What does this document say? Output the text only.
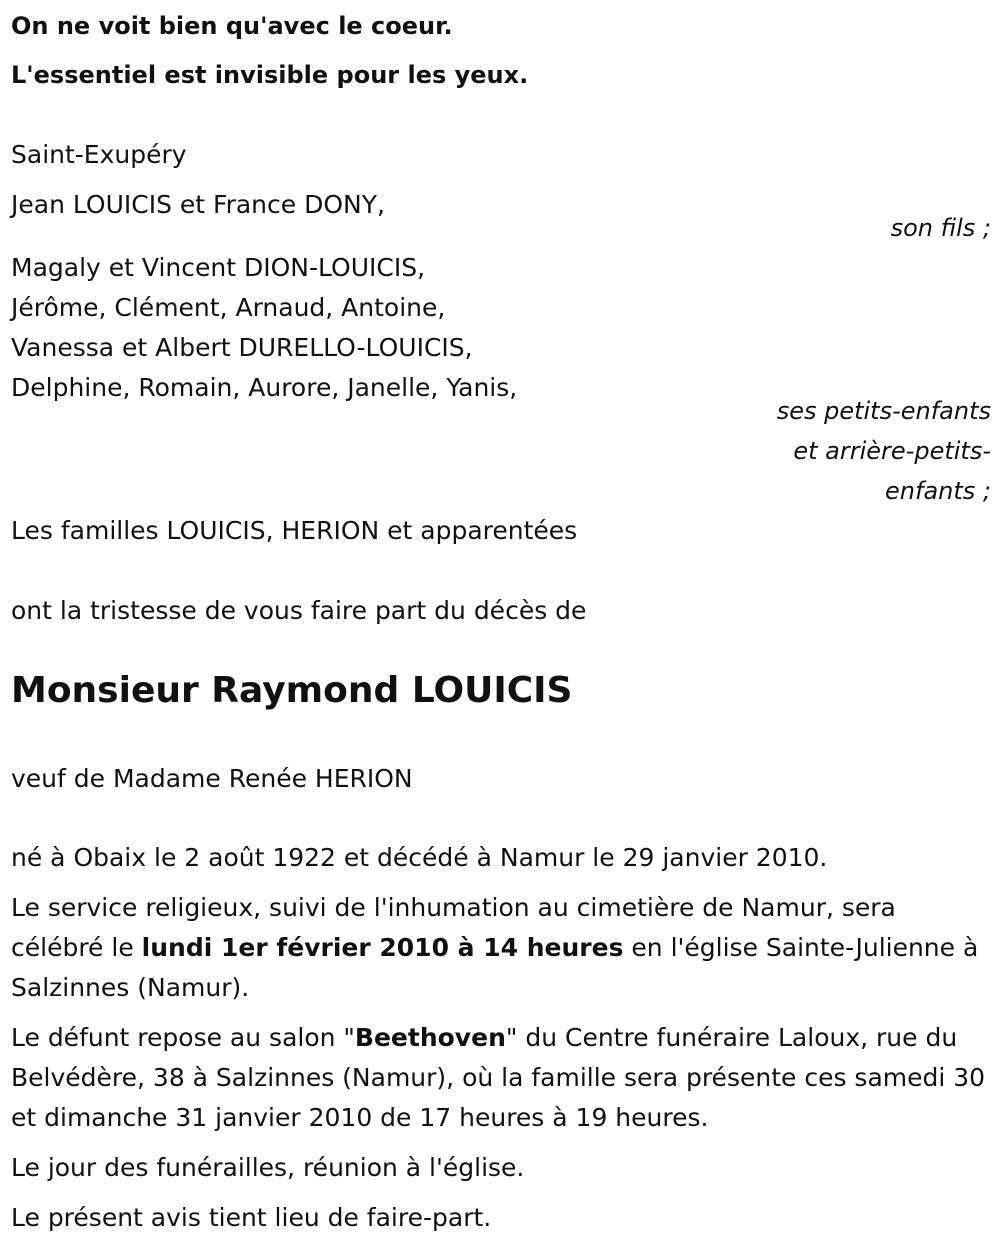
On ne voit bien qu'avec le coeur.
L'essentiel est invisible pour les yeux.
Saint-Exupéry
Jean LOUICIS et France DONY,
son fils ;
Magaly et Vincent DION-LOUICIS,
Jérôme, Clément, Arnaud, Antoine,
Vanessa et Albert DURELLO-LOUICIS,
Delphine, Romain, Aurore, Janelle, Yanis,
ses petits-enfants
et arrière-petits-
enfants ;
Les familles LOUICIS, HERION et apparentées
ont la tristesse de vous faire part du décès de
Monsieur Raymond LOUICIS
veuf de Madame Renée HERION
né à Obaix le 2 août 1922 et décédé à Namur le 29 janvier 2010.
Le service religieux, suivi de l'inhumation au cimetière de Namur, sera célébré le lundi 1er février 2010 à 14 heures en l'église Sainte-Julienne à Salzinnes (Namur).
Le défunt repose au salon "Beethoven" du Centre funéraire Laloux, rue du Belvédère, 38 à Salzinnes (Namur), où la famille sera présente ces samedi 30 et dimanche 31 janvier 2010 de 17 heures à 19 heures.
Le jour des funérailles, réunion à l'église.
Le présent avis tient lieu de faire-part.
